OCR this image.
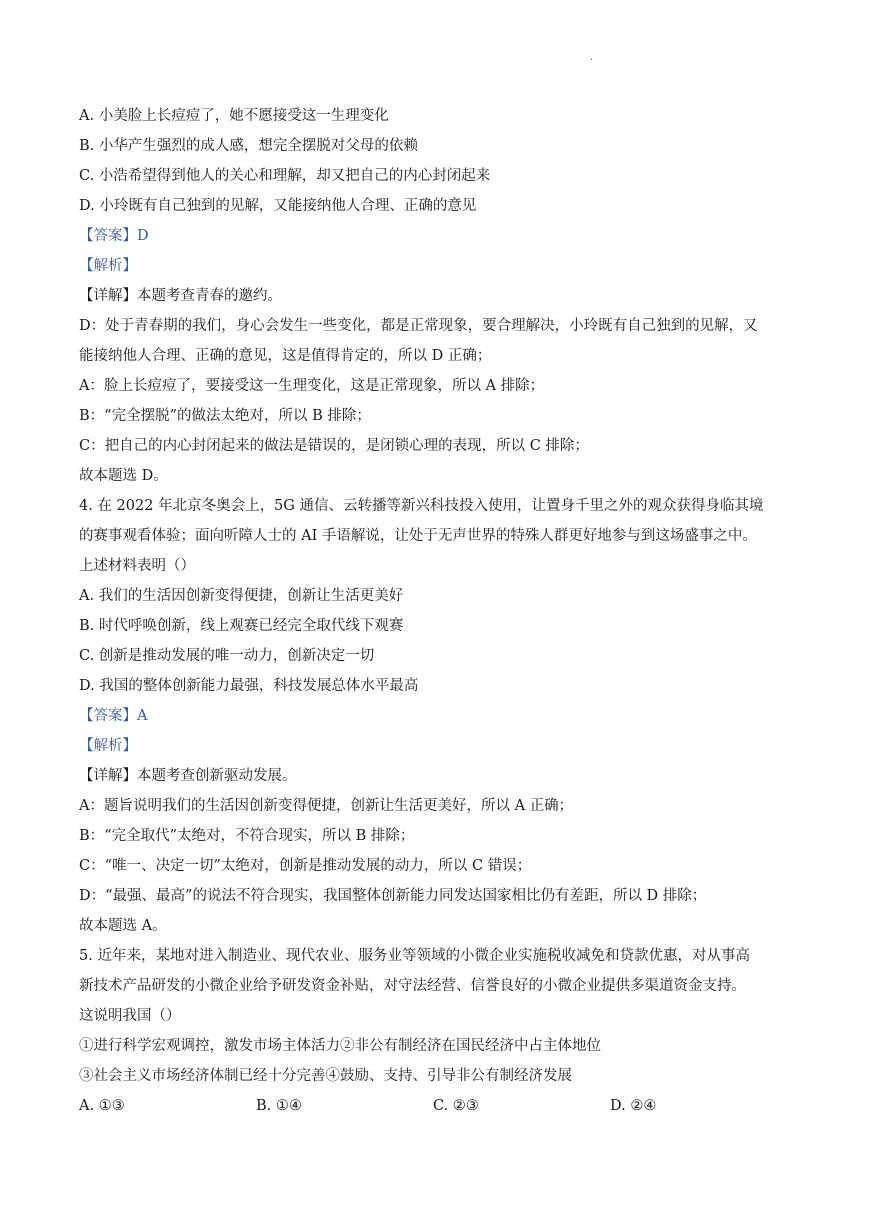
.
A. 小美脸上长痘痘了，她不愿接受这一生理变化
B. 小华产生强烈的成人感，想完全摆脱对父母的依赖
C. 小浩希望得到他人的关心和理解，却又把自己的内心封闭起来
D. 小玲既有自己独到的见解，又能接纳他人合理、正确的意见
【答案】D
【解析】
【详解】本题考查青春的邀约。
D：处于青春期的我们，身心会发生一些变化，都是正常现象，要合理解决，小玲既有自己独到的见解，又
能接纳他人合理、正确的意见，这是值得肯定的，所以 D 正确；
A：脸上长痘痘了，要接受这一生理变化，这是正常现象，所以 A 排除；
B：“完全摆脱”的做法太绝对，所以 B 排除；
C：把自己的内心封闭起来的做法是错误的，是闭锁心理的表现，所以 C 排除；
故本题选 D。
4. 在 2022 年北京冬奥会上，5G 通信、云转播等新兴科技投入使用，让置身千里之外的观众获得身临其境
的赛事观看体验；面向听障人士的 AI 手语解说，让处于无声世界的特殊人群更好地参与到这场盛事之中。
上述材料表明（）
A. 我们的生活因创新变得便捷，创新让生活更美好
B. 时代呼唤创新，线上观赛已经完全取代线下观赛
C. 创新是推动发展的唯一动力，创新决定一切
D. 我国的整体创新能力最强，科技发展总体水平最高
【答案】A
【解析】
【详解】本题考查创新驱动发展。
A：题旨说明我们的生活因创新变得便捷，创新让生活更美好，所以 A 正确；
B：“完全取代”太绝对，不符合现实，所以 B 排除；
C：“唯一、决定一切”太绝对，创新是推动发展的动力，所以 C 错误；
D：“最强、最高”的说法不符合现实，我国整体创新能力同发达国家相比仍有差距，所以 D 排除；
故本题选 A。
5. 近年来，某地对进入制造业、现代农业、服务业等领域的小微企业实施税收减免和贷款优惠，对从事高
新技术产品研发的小微企业给予研发资金补贴，对守法经营、信誉良好的小微企业提供多渠道资金支持。
这说明我国（）
①进行科学宏观调控，激发市场主体活力②非公有制经济在国民经济中占主体地位
③社会主义市场经济体制已经十分完善④鼓励、支持、引导非公有制经济发展
A. ①③	B. ①④	C. ②③	D. ②④
